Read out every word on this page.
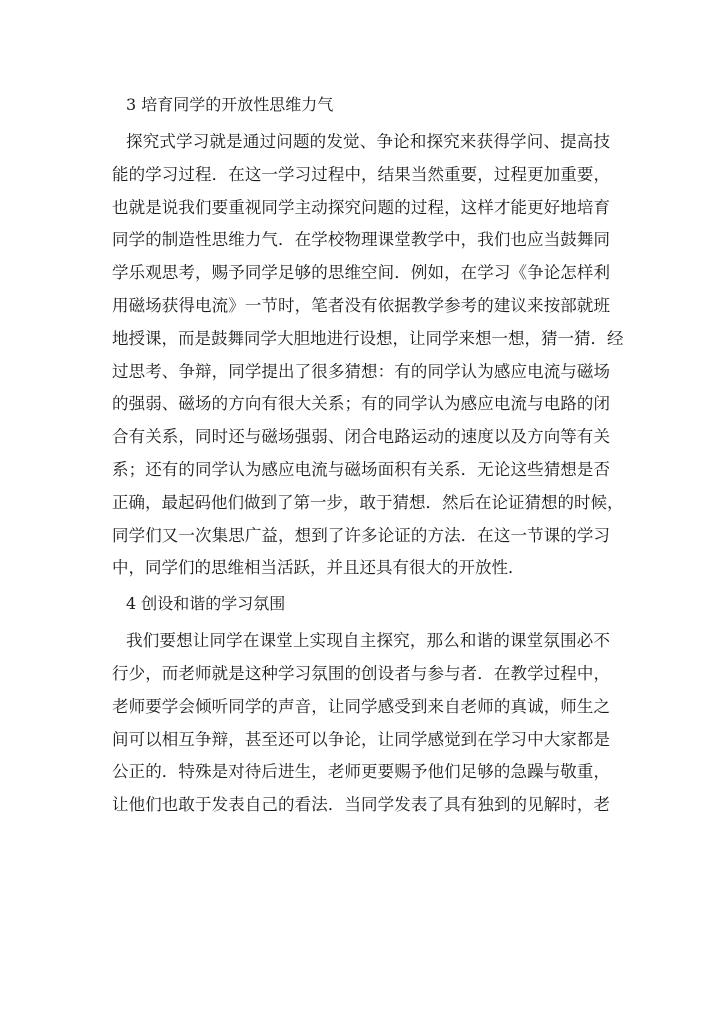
3 培育同学的开放性思维力气
探究式学习就是通过问题的发觉、争论和探究来获得学问、提高技
能的学习过程．在这一学习过程中，结果当然重要，过程更加重要，
也就是说我们要重视同学主动探究问题的过程，这样才能更好地培育
同学的制造性思维力气．在学校物理课堂教学中，我们也应当鼓舞同
学乐观思考，赐予同学足够的思维空间．例如，在学习《争论怎样利
用磁场获得电流》一节时，笔者没有依据教学参考的建议来按部就班
地授课，而是鼓舞同学大胆地进行设想，让同学来想一想，猜一猜．经
过思考、争辩，同学提出了很多猜想：有的同学认为感应电流与磁场
的强弱、磁场的方向有很大关系；有的同学认为感应电流与电路的闭
合有关系，同时还与磁场强弱、闭合电路运动的速度以及方向等有关
系；还有的同学认为感应电流与磁场面积有关系．无论这些猜想是否
正确，最起码他们做到了第一步，敢于猜想．然后在论证猜想的时候，
同学们又一次集思广益，想到了许多论证的方法．在这一节课的学习
中，同学们的思维相当活跃，并且还具有很大的开放性．
4 创设和谐的学习氛围
我们要想让同学在课堂上实现自主探究，那么和谐的课堂氛围必不
行少，而老师就是这种学习氛围的创设者与参与者．在教学过程中，
老师要学会倾听同学的声音，让同学感受到来自老师的真诚，师生之
间可以相互争辩，甚至还可以争论，让同学感觉到在学习中大家都是
公正的．特殊是对待后进生，老师更要赐予他们足够的急躁与敬重，
让他们也敢于发表自己的看法．当同学发表了具有独到的见解时，老
